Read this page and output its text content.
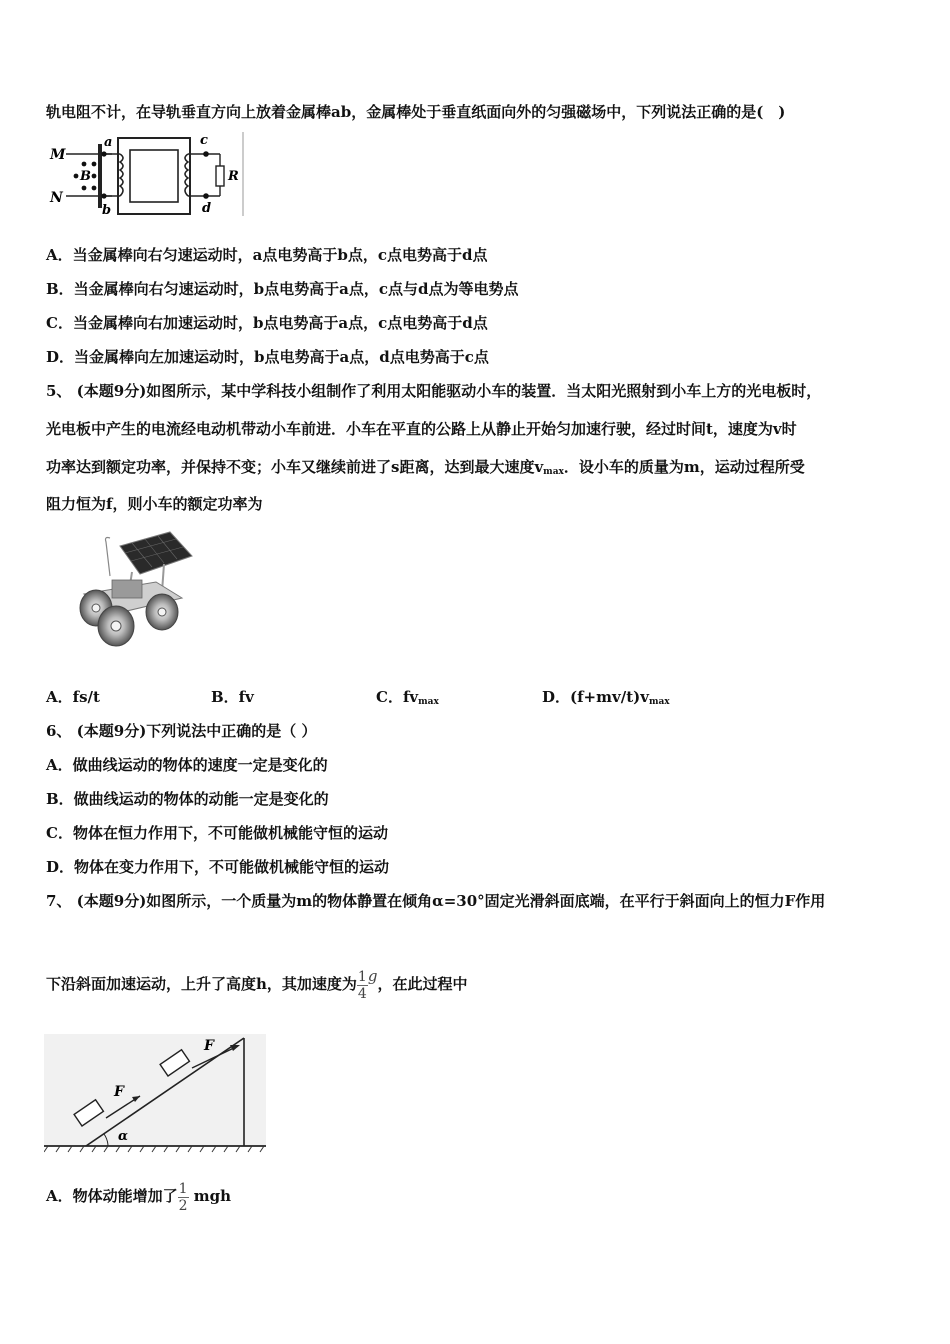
轨电阻不计，在导轨垂直方向上放着金属棒ab，金属棒处于垂直纸面向外的匀强磁场中，下列说法正确的是(　)
M
N
B
a
b
c
d
R
A．当金属棒向右匀速运动时，a点电势高于b点，c点电势高于d点
B．当金属棒向右匀速运动时，b点电势高于a点，c点与d点为等电势点
C．当金属棒向右加速运动时，b点电势高于a点，c点电势高于d点
D．当金属棒向左加速运动时，b点电势高于a点，d点电势高于c点
5、 (本题9分)如图所示，某中学科技小组制作了利用太阳能驱动小车的装置．当太阳光照射到小车上方的光电板时，
光电板中产生的电流经电动机带动小车前进．小车在平直的公路上从静止开始匀加速行驶，经过时间t，速度为v时
功率达到额定功率，并保持不变；小车又继续前进了s距离，达到最大速度$v_{max}$．设小车的质量为m，运动过程所受
阻力恒为f，则小车的额定功率为
A．fs/t	B．fv	C．$fv_{max}$	D．$(f+mv/t)v_{max}$
6、 (本题9分)下列说法中正确的是（ ）
A．做曲线运动的物体的速度一定是变化的
B．做曲线运动的物体的动能一定是变化的
C．物体在恒力作用下，不可能做机械能守恒的运动
D．物体在变力作用下，不可能做机械能守恒的运动
7、 (本题9分)如图所示，一个质量为m的物体静置在倾角α=30°固定光滑斜面底端，在平行于斜面向上的恒力F作用
下沿斜面加速运动，上升了高度h，其加速度为 $\frac{1}{4}$ g，在此过程中
α
F
F
A．物体动能增加了 $\frac{1}{2}$ mgh
